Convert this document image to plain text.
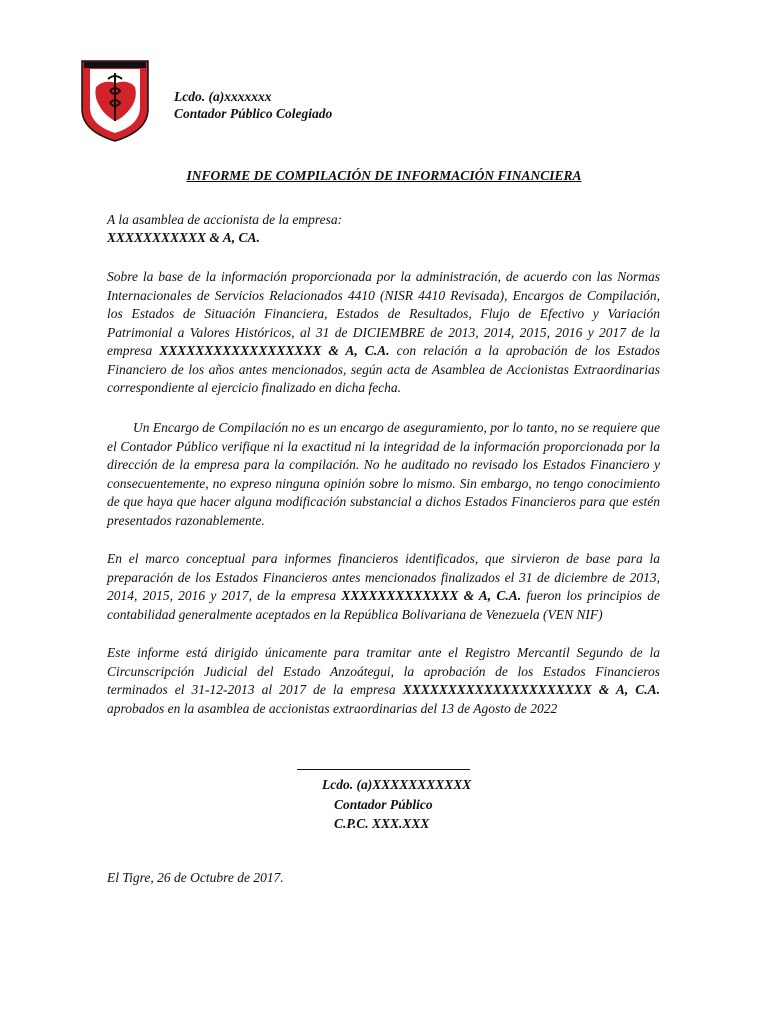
Lcdo. (a)xxxxxxx
Contador Público Colegiado
INFORME DE COMPILACIÓN DE INFORMACIÓN FINANCIERA
A la asamblea de accionista de la empresa:
XXXXXXXXXXX & A, CA.

Sobre la base de la información proporcionada por la administración, de acuerdo con las Normas Internacionales de Servicios Relacionados 4410 (NISR 4410 Revisada), Encargos de Compilación, los Estados de Situación Financiera, Estados de Resultados, Flujo de Efectivo y Variación Patrimonial a Valores Históricos, al 31 de DICIEMBRE de 2013, 2014, 2015, 2016 y 2017 de la empresa XXXXXXXXXXXXXXXXXX & A, C.A. con relación a la aprobación de los Estados Financiero de los años antes mencionados, según acta de Asamblea de Accionistas Extraordinarias correspondiente al ejercicio finalizado en dicha fecha.

Un Encargo de Compilación no es un encargo de aseguramiento, por lo tanto, no se requiere que el Contador Público verifique ni la exactitud ni la integridad de la información proporcionada por la dirección de la empresa para la compilación. No he auditado no revisado los Estados Financiero y consecuentemente, no expreso ninguna opinión sobre lo mismo. Sin embargo, no tengo conocimiento de que haya que hacer alguna modificación substancial a dichos Estados Financieros para que estén presentados razonablemente.

En el marco conceptual para informes financieros identificados, que sirvieron de base para la preparación de los Estados Financieros antes mencionados finalizados el 31 de diciembre de 2013, 2014, 2015, 2016 y 2017, de la empresa XXXXXXXXXXXXX & A, C.A. fueron los principios de contabilidad generalmente aceptados en la República Bolivariana de Venezuela (VEN NIF)

Este informe está dirigido únicamente para tramitar ante el Registro Mercantil Segundo de la Circunscripción Judicial del Estado Anzoátegui, la aprobación de los Estados Financieros terminados el 31-12-2013 al 2017 de la empresa XXXXXXXXXXXXXXXXXXXXX & A, C.A. aprobados en la asamblea de accionistas extraordinarias del 13 de Agosto de 2022

Lcdo. (a)XXXXXXXXXXX
Contador Público
C.P.C. XXX.XXX
El Tigre, 26 de Octubre de 2017.
